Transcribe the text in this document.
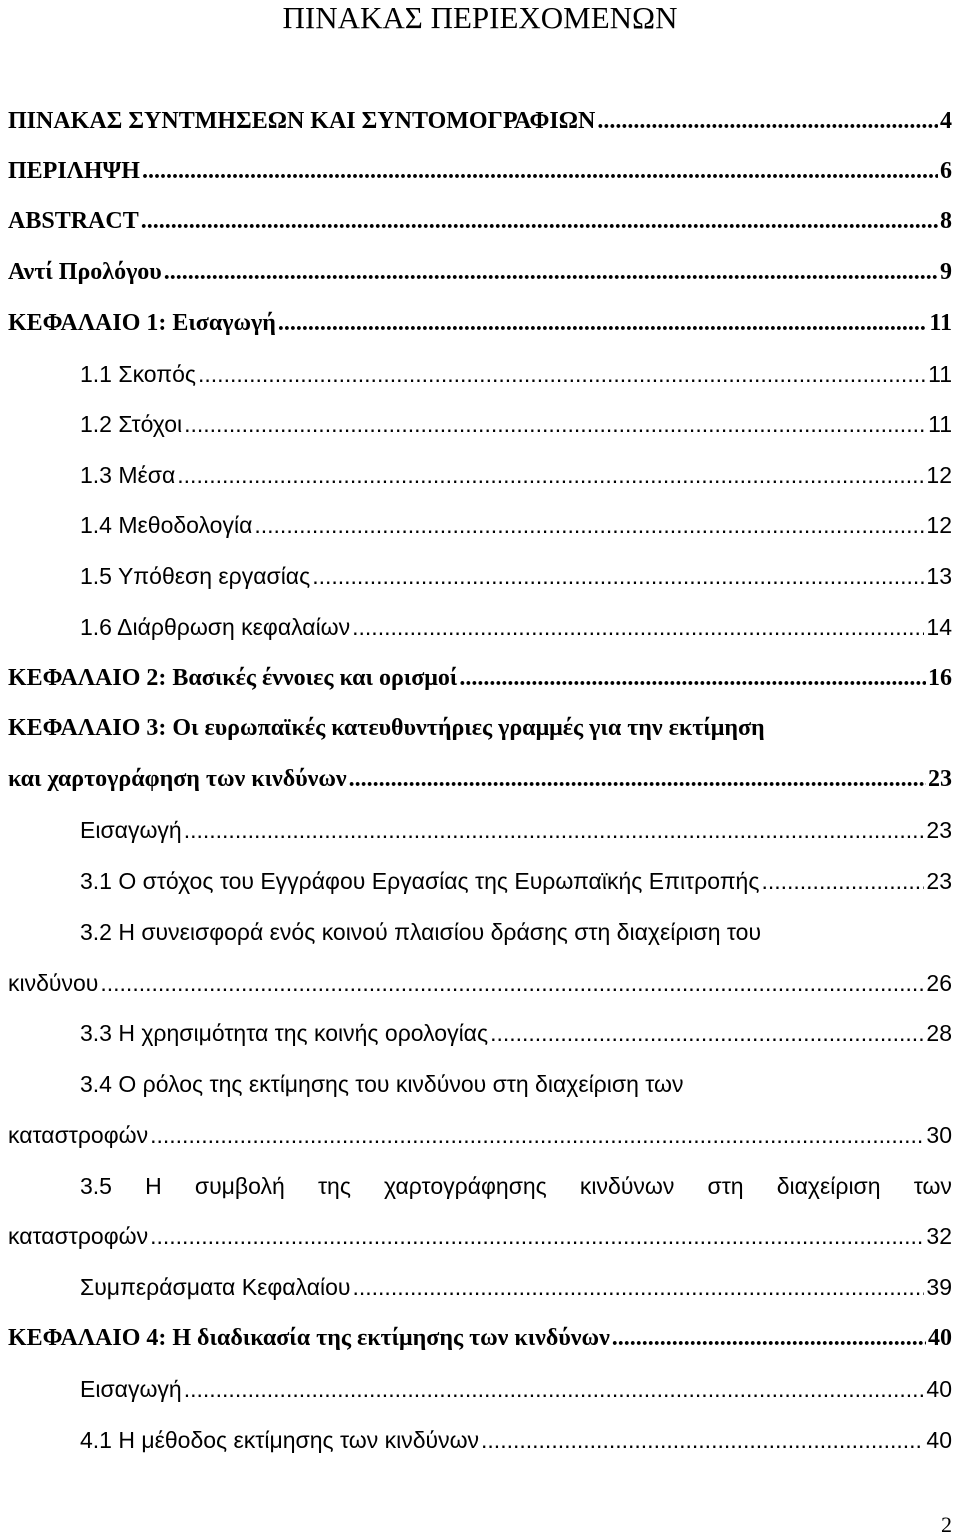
ΠΙΝΑΚΑΣ ΠΕΡΙΕΧΟΜΕΝΩΝ
ΠΙΝΑΚΑΣ ΣΥΝΤΜΗΣΕΩΝ ΚΑΙ ΣΥΝΤΟΜΟΓΡΑΦΙΩΝ .....	4
ΠΕΡΙΛΗΨΗ .....	6
ABSTRACT .....	8
Αντί Προλόγου .....	9
ΚΕΦΑΛΑΙΟ 1: Εισαγωγή .....	11
1.1 Σκοπός .....	11
1.2 Στόχοι .....	11
1.3 Μέσα .....	12
1.4 Μεθοδολογία .....	12
1.5 Υπόθεση εργασίας .....	13
1.6 Διάρθρωση κεφαλαίων .....	14
ΚΕΦΑΛΑΙΟ 2: Βασικές έννοιες και ορισμοί .....	16
ΚΕΦΑΛΑΙΟ 3: Οι ευρωπαϊκές κατευθυντήριες γραμμές για την εκτίμηση
και χαρτογράφηση των κινδύνων .....	23
Εισαγωγή .....	23
3.1 Ο στόχος του Εγγράφου Εργασίας της Ευρωπαϊκής Επιτροπής .....	23
3.2 Η συνεισφορά ενός κοινού πλαισίου δράσης στη διαχείριση του
κινδύνου .....	26
3.3 Η χρησιμότητα της κοινής ορολογίας .....	28
3.4 Ο ρόλος της εκτίμησης του κινδύνου στη διαχείριση των
καταστροφών .....	30
3.5 Η συμβολή της χαρτογράφησης κινδύνων στη διαχείριση των
καταστροφών .....	32
Συμπεράσματα Κεφαλαίου .....	39
ΚΕΦΑΛΑΙΟ 4: Η διαδικασία της εκτίμησης των κινδύνων .....	40
Εισαγωγή .....	40
4.1 Η μέθοδος εκτίμησης των κινδύνων .....	40
2
